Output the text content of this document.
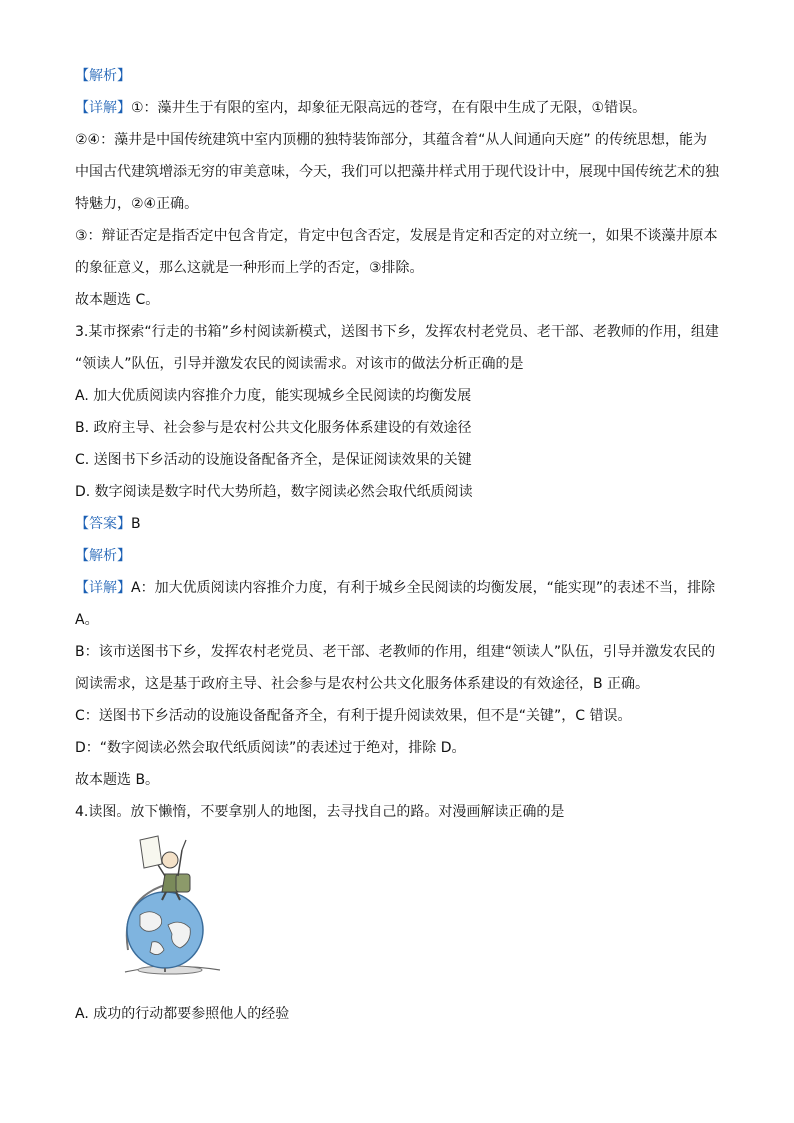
【解析】
【详解】①：藻井生于有限的室内，却象征无限高远的苍穹，在有限中生成了无限，①错误。
②④：藻井是中国传统建筑中室内顶棚的独特装饰部分，其蕴含着“从人间通向天庭” 的传统思想，能为
中国古代建筑增添无穷的审美意味，今天，我们可以把藻井样式用于现代设计中，展现中国传统艺术的独
特魅力，②④正确。
③：辩证否定是指否定中包含肯定，肯定中包含否定，发展是肯定和否定的对立统一，如果不谈藻井原本
的象征意义，那么这就是一种形而上学的否定，③排除。
故本题选 C。
3.某市探索“行走的书箱”乡村阅读新模式，送图书下乡，发挥农村老党员、老干部、老教师的作用，组建
“领读人”队伍，引导并激发农民的阅读需求。对该市的做法分析正确的是
A. 加大优质阅读内容推介力度，能实现城乡全民阅读的均衡发展
B. 政府主导、社会参与是农村公共文化服务体系建设的有效途径
C. 送图书下乡活动的设施设备配备齐全，是保证阅读效果的关键
D. 数字阅读是数字时代大势所趋，数字阅读必然会取代纸质阅读
【答案】B
【解析】
【详解】A：加大优质阅读内容推介力度，有利于城乡全民阅读的均衡发展，“能实现”的表述不当，排除
A。
B：该市送图书下乡，发挥农村老党员、老干部、老教师的作用，组建“领读人”队伍，引导并激发农民的
阅读需求，这是基于政府主导、社会参与是农村公共文化服务体系建设的有效途径，B 正确。
C：送图书下乡活动的设施设备配备齐全，有利于提升阅读效果，但不是“关键”，C 错误。
D：“数字阅读必然会取代纸质阅读”的表述过于绝对，排除 D。
故本题选 B。
4.读图。放下懒惰，不要拿别人的地图，去寻找自己的路。对漫画解读正确的是
A. 成功的行动都要参照他人的经验
